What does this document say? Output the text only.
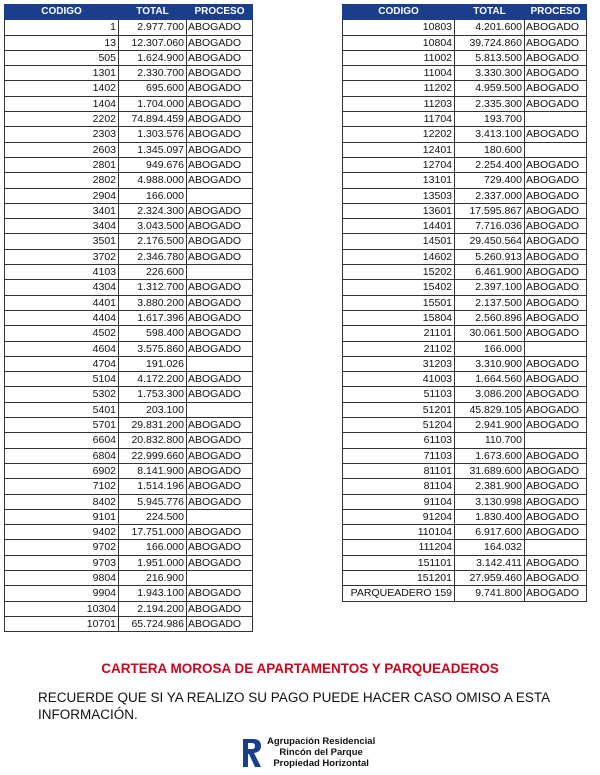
CODIGO	TOTAL	PROCESO
1	2.977.700	ABOGADO
13	12.307.060	ABOGADO
505	1.624.900	ABOGADO
1301	2.330.700	ABOGADO
1402	695.600	ABOGADO
1404	1.704.000	ABOGADO
2202	74.894.459	ABOGADO
2303	1.303.576	ABOGADO
2603	1.345.097	ABOGADO
2801	949.676	ABOGADO
2802	4.988.000	ABOGADO
2904	166.000	
3401	2.324.300	ABOGADO
3404	3.043.500	ABOGADO
3501	2.176.500	ABOGADO
3702	2.346.780	ABOGADO
4103	226.600	
4304	1.312.700	ABOGADO
4401	3.880.200	ABOGADO
4404	1.617.396	ABOGADO
4502	598.400	ABOGADO
4604	3.575.860	ABOGADO
4704	191.026	
5104	4.172.200	ABOGADO
5302	1.753.300	ABOGADO
5401	203.100	
5701	29.831.200	ABOGADO
6604	20.832.800	ABOGADO
6804	22.999.660	ABOGADO
6902	8.141.900	ABOGADO
7102	1.514.196	ABOGADO
8402	5.945.776	ABOGADO
9101	224.500	
9402	17.751.000	ABOGADO
9702	166.000	ABOGADO
9703	1.951.000	ABOGADO
9804	216.900	
9904	1.943.100	ABOGADO
10304	2.194.200	ABOGADO
10701	65.724.986	ABOGADO
CODIGO	TOTAL	PROCESO
10803	4.201.600	ABOGADO
10804	39.724.860	ABOGADO
11002	5.813.500	ABOGADO
11004	3.330.300	ABOGADO
11202	4.959.500	ABOGADO
11203	2.335.300	ABOGADO
11704	193.700	
12202	3.413.100	ABOGADO
12401	180.600	
12704	2.254.400	ABOGADO
13101	729.400	ABOGADO
13503	2.337.000	ABOGADO
13601	17.595.867	ABOGADO
14401	7.716.036	ABOGADO
14501	29.450.564	ABOGADO
14602	5.260.913	ABOGADO
15202	6.461.900	ABOGADO
15402	2.397.100	ABOGADO
15501	2.137.500	ABOGADO
15804	2.560.896	ABOGADO
21101	30.061.500	ABOGADO
21102	166.000	
31203	3.310.900	ABOGADO
41003	1.664.560	ABOGADO
51103	3.086.200	ABOGADO
51201	45.829.105	ABOGADO
51204	2.941.900	ABOGADO
61103	110.700	
71103	1.673.600	ABOGADO
81101	31.689.600	ABOGADO
81104	2.381.900	ABOGADO
91104	3.130.998	ABOGADO
91204	1.830.400	ABOGADO
110104	6.917.600	ABOGADO
111204	164.032	
151101	3.142.411	ABOGADO
151201	27.959.460	ABOGADO
PARQUEADERO 159	9.741.800	ABOGADO
CARTERA MOROSA DE APARTAMENTOS Y PARQUEADEROS
RECUERDE QUE SI YA REALIZO SU PAGO PUEDE HACER CASO OMISO A ESTA INFORMACIÓN.
Agrupación Residencial
Rincón del Parque
Propiedad Horizontal
